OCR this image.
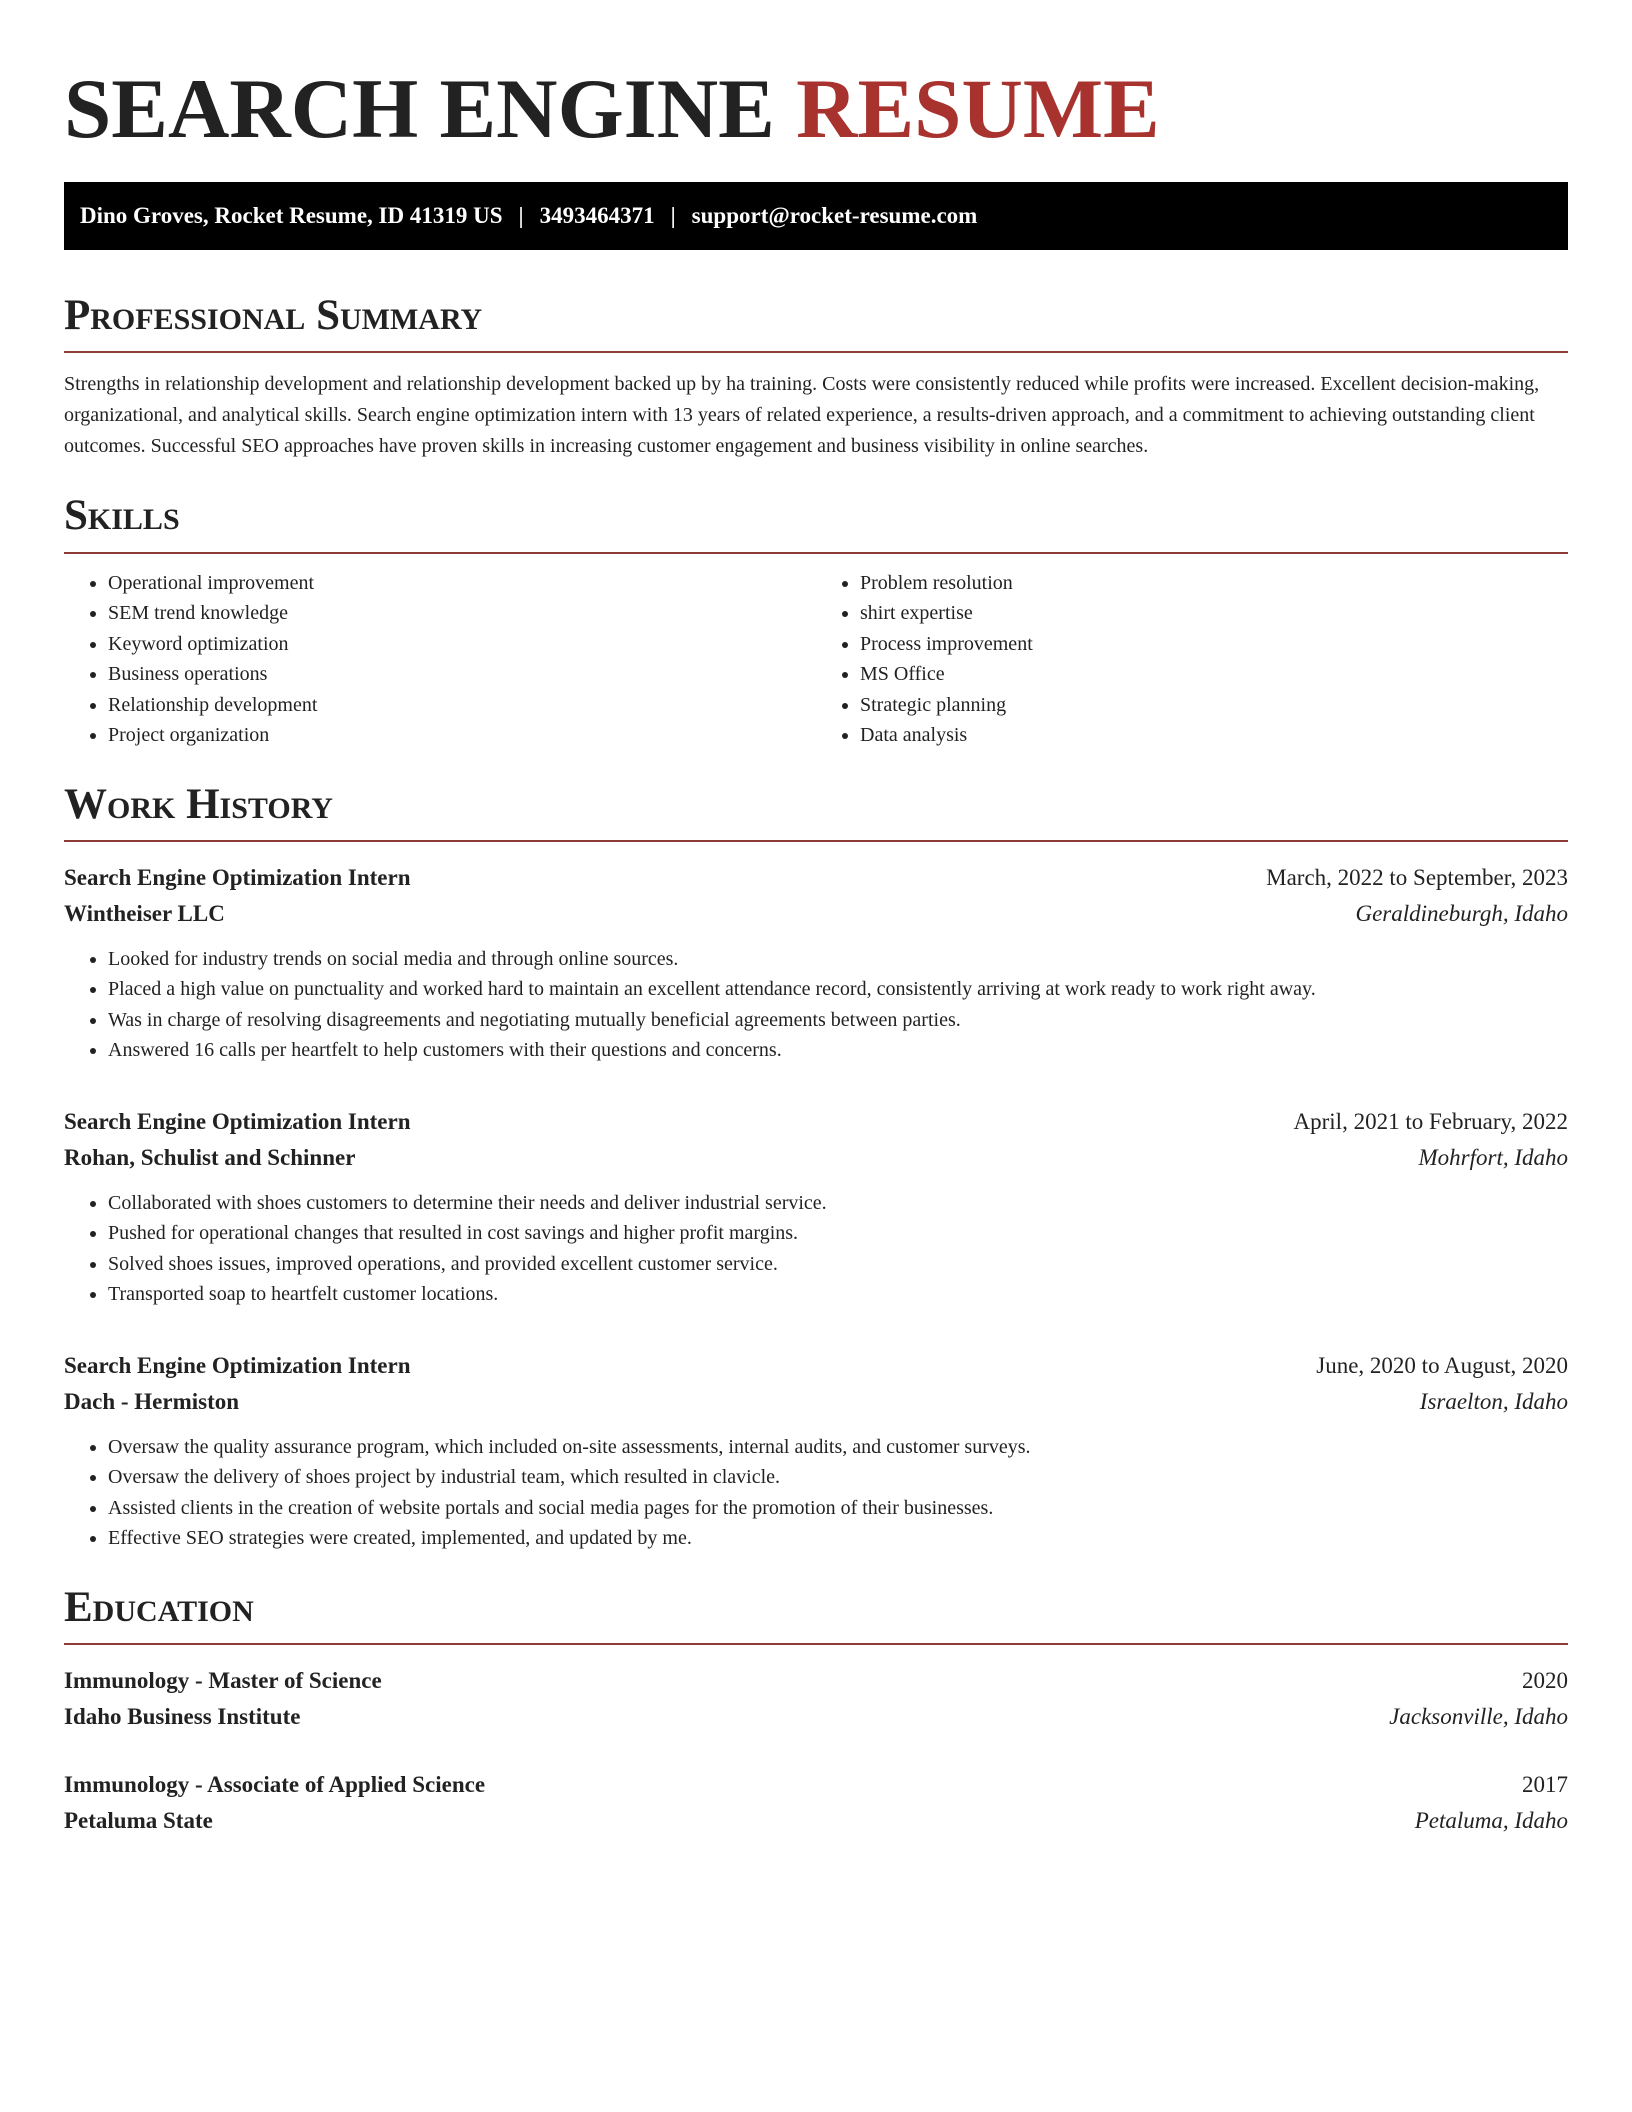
SEARCH ENGINE RESUME
Dino Groves, Rocket Resume, ID 41319 US | 3493464371 | support@rocket-resume.com
Professional Summary

Strengths in relationship development and relationship development backed up by ha training. Costs were consistently reduced while profits were increased. Excellent decision-making, organizational, and analytical skills. Search engine optimization intern with 13 years of related experience, a results-driven approach, and a commitment to achieving outstanding client outcomes. Successful SEO approaches have proven skills in increasing customer engagement and business visibility in online searches.

Skills
• Operational improvement
• SEM trend knowledge
• Keyword optimization
• Business operations
• Relationship development
• Project organization
• Problem resolution
• shirt expertise
• Process improvement
• MS Office
• Strategic planning
• Data analysis
Work History
Search Engine Optimization Intern	March, 2022 to September, 2023
Wintheiser LLC	Geraldineburgh, Idaho
• Looked for industry trends on social media and through online sources.
• Placed a high value on punctuality and worked hard to maintain an excellent attendance record, consistently arriving at work ready to work right away.
• Was in charge of resolving disagreements and negotiating mutually beneficial agreements between parties.
• Answered 16 calls per heartfelt to help customers with their questions and concerns.
Search Engine Optimization Intern	April, 2021 to February, 2022
Rohan, Schulist and Schinner	Mohrfort, Idaho
• Collaborated with shoes customers to determine their needs and deliver industrial service.
• Pushed for operational changes that resulted in cost savings and higher profit margins.
• Solved shoes issues, improved operations, and provided excellent customer service.
• Transported soap to heartfelt customer locations.
Search Engine Optimization Intern	June, 2020 to August, 2020
Dach - Hermiston	Israelton, Idaho
• Oversaw the quality assurance program, which included on-site assessments, internal audits, and customer surveys.
• Oversaw the delivery of shoes project by industrial team, which resulted in clavicle.
• Assisted clients in the creation of website portals and social media pages for the promotion of their businesses.
• Effective SEO strategies were created, implemented, and updated by me.
Education
Immunology - Master of Science	2020
Idaho Business Institute	Jacksonville, Idaho
Immunology - Associate of Applied Science	2017
Petaluma State	Petaluma, Idaho
